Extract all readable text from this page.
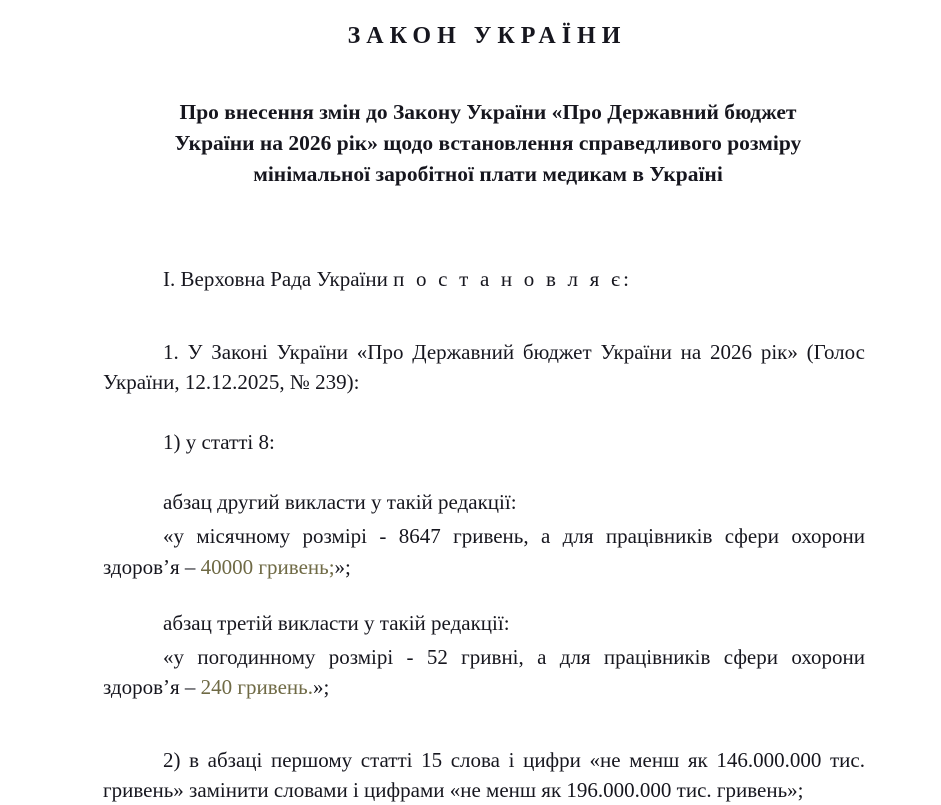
ЗАКОН УКРАЇНИ
Про внесення змін до Закону України «Про Державний бюджет України на 2026 рік» щодо встановлення справедливого розміру мінімальної заробітної плати медикам в Україні

І. Верховна Рада України п о с т а н о в л я є:

1. У Законі України «Про Державний бюджет України на 2026 рік» (Голос України, 12.12.2025, № 239):

1) у статті 8:

абзац другий викласти у такій редакції:

«у місячному розмірі - 8647 гривень, а для працівників сфери охорони здоров’я – 40000 гривень;»;

абзац третій викласти у такій редакції:

«у погодинному розмірі - 52 гривні, а для працівників сфери охорони здоров’я – 240 гривень.»;

2) в абзаці першому статті 15 слова і цифри «не менш як 146.000.000 тис. гривень» замінити словами і цифрами «не менш як 196.000.000 тис. гривень»;
